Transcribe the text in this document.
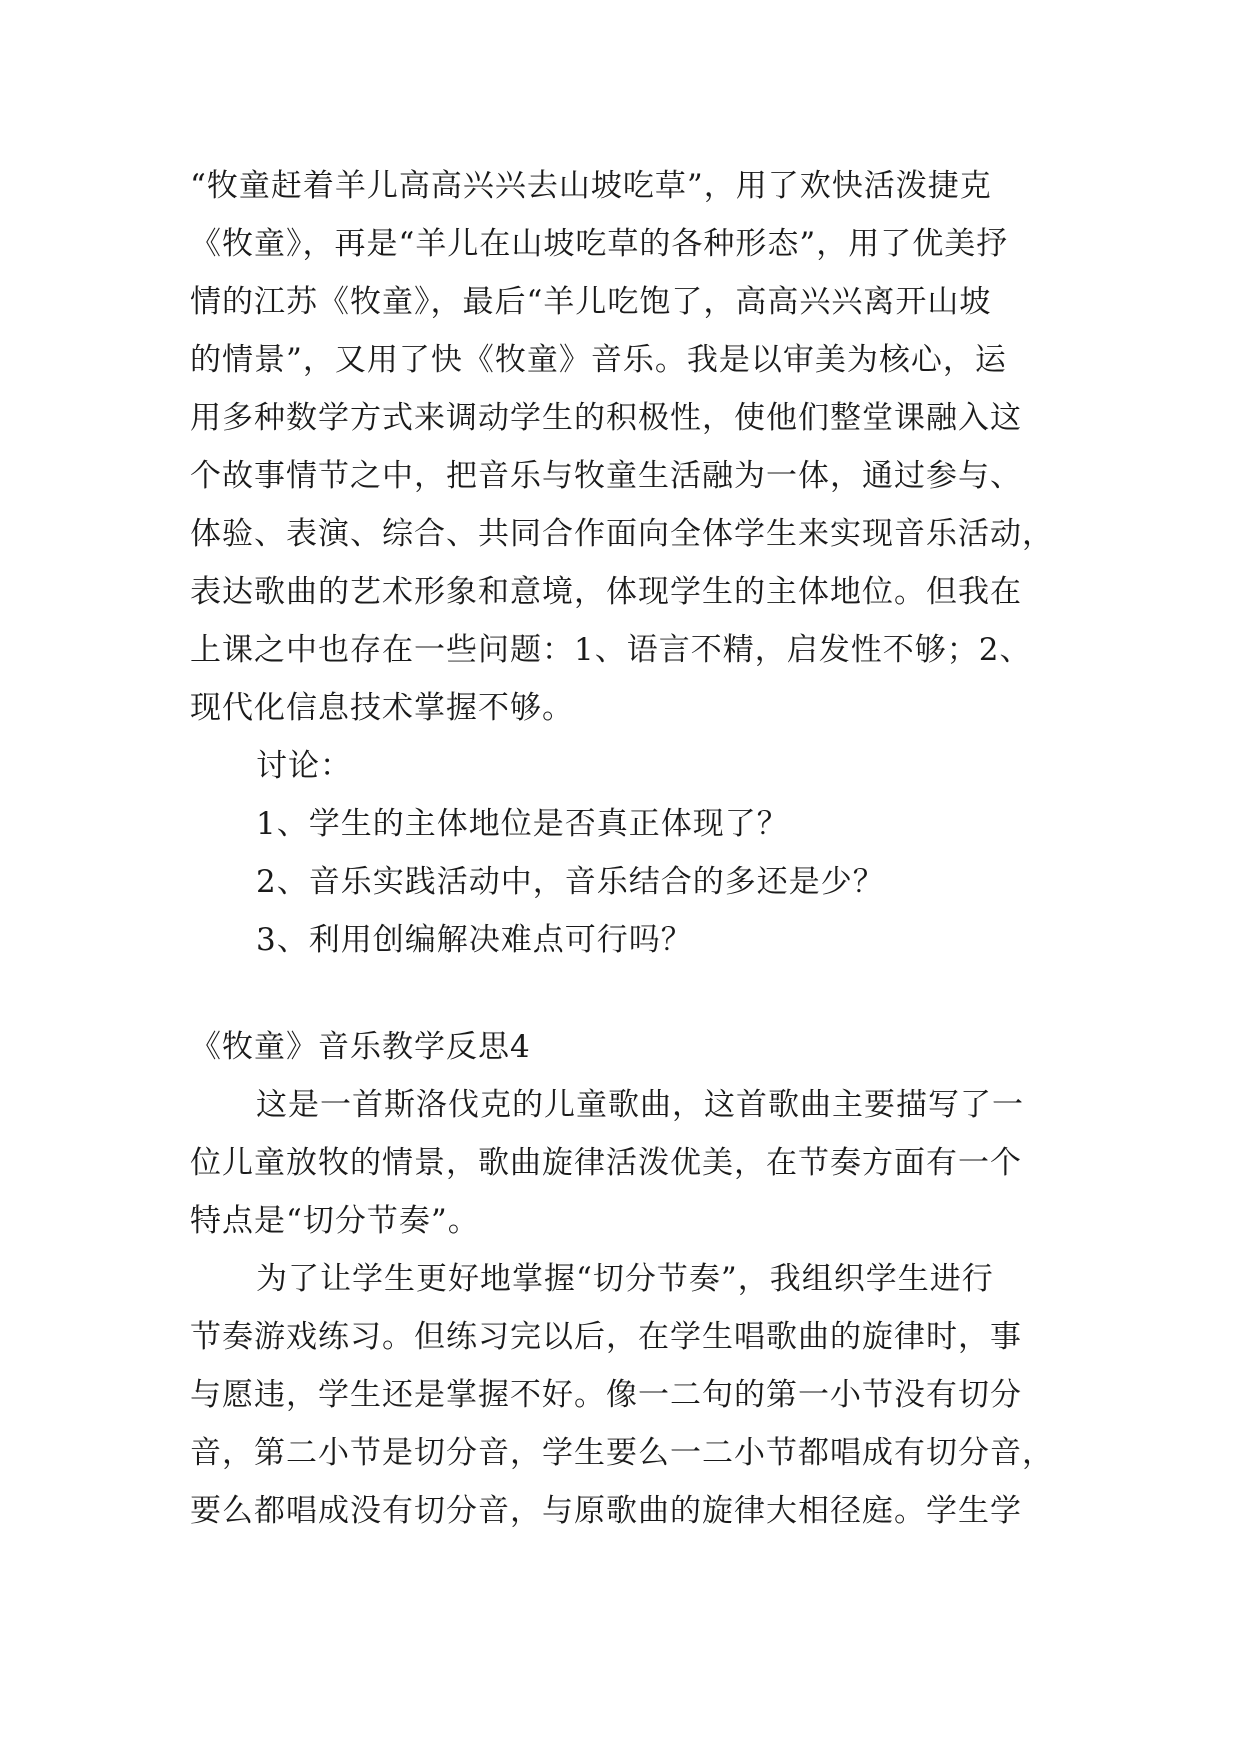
“牧童赶着羊儿高高兴兴去山坡吃草”，用了欢快活泼捷克
《牧童》，再是“羊儿在山坡吃草的各种形态”，用了优美抒
情的江苏《牧童》，最后“羊儿吃饱了，高高兴兴离开山坡
的情景”，又用了快《牧童》音乐。我是以审美为核心，运
用多种数学方式来调动学生的积极性，使他们整堂课融入这
个故事情节之中，把音乐与牧童生活融为一体，通过参与、
体验、表演、综合、共同合作面向全体学生来实现音乐活动，
表达歌曲的艺术形象和意境，体现学生的主体地位。但我在
上课之中也存在一些问题：1、语言不精，启发性不够；2、
现代化信息技术掌握不够。
讨论：
1、学生的主体地位是否真正体现了？
2、音乐实践活动中，音乐结合的多还是少？
3、利用创编解决难点可行吗？
《牧童》音乐教学反思4
这是一首斯洛伐克的儿童歌曲，这首歌曲主要描写了一
位儿童放牧的情景，歌曲旋律活泼优美，在节奏方面有一个
特点是“切分节奏”。
为了让学生更好地掌握“切分节奏”，我组织学生进行
节奏游戏练习。但练习完以后，在学生唱歌曲的旋律时，事
与愿违，学生还是掌握不好。像一二句的第一小节没有切分
音，第二小节是切分音，学生要么一二小节都唱成有切分音，
要么都唱成没有切分音，与原歌曲的旋律大相径庭。学生学
